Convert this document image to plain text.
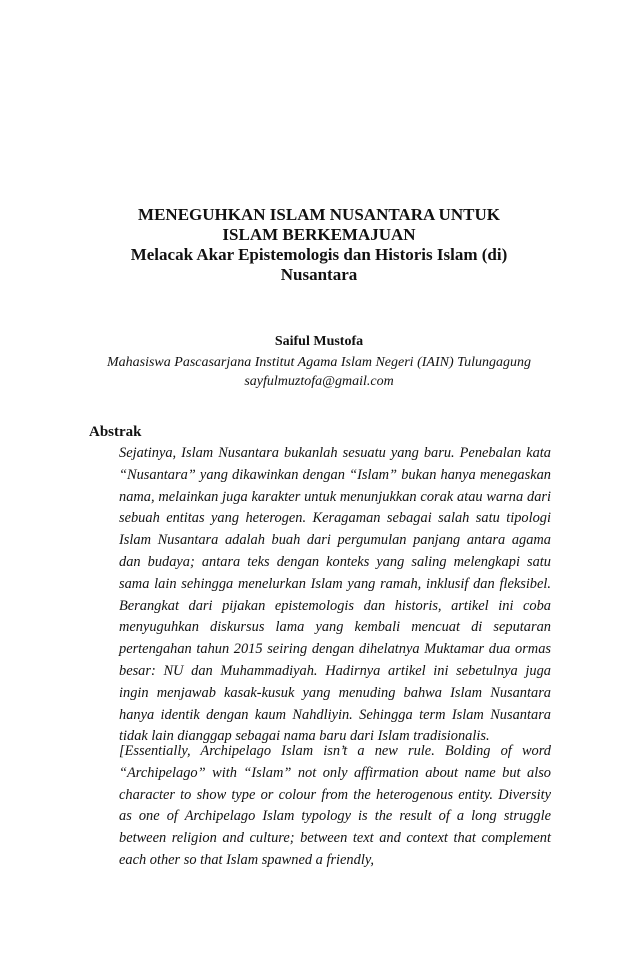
MENEGUHKAN ISLAM NUSANTARA UNTUK
ISLAM BERKEMAJUAN
Melacak Akar Epistemologis dan Historis Islam (di)
Nusantara
Saiful Mustofa
Mahasiswa Pascasarjana Institut Agama Islam Negeri (IAIN) Tulungagung
sayfulmuztofa@gmail.com
Abstrak
Sejatinya, Islam Nusantara bukanlah sesuatu yang baru. Penebalan kata “Nusantara” yang dikawinkan dengan “Islam” bukan hanya menegaskan nama, melainkan juga karakter untuk menunjukkan corak atau warna dari sebuah entitas yang heterogen. Keragaman sebagai salah satu tipologi Islam Nusantara adalah buah dari pergumulan panjang antara agama dan budaya; antara teks dengan konteks yang saling melengkapi satu sama lain sehingga menelurkan Islam yang ramah, inklusif dan fleksibel. Berangkat dari pijakan epistemologis dan historis, artikel ini coba menyuguhkan diskursus lama yang kembali mencuat di seputaran pertengahan tahun 2015 seiring dengan dihelatnya Muktamar dua ormas besar: NU dan Muhammadiyah. Hadirnya artikel ini sebetulnya juga ingin menjawab kasak-kusuk yang menuding bahwa Islam Nusantara hanya identik dengan kaum Nahdliyin. Sehingga term Islam Nusantara tidak lain dianggap sebagai nama baru dari Islam tradisionalis.
[Essentially, Archipelago Islam isn’t a new rule. Bolding of word “Archipelago” with “Islam” not only affirmation about name but also character to show type or colour from the heterogenous entity. Diversity as one of Archipelago Islam typology is the result of a long struggle between religion and culture; between text and context that complement each other so that Islam spawned a friendly,
